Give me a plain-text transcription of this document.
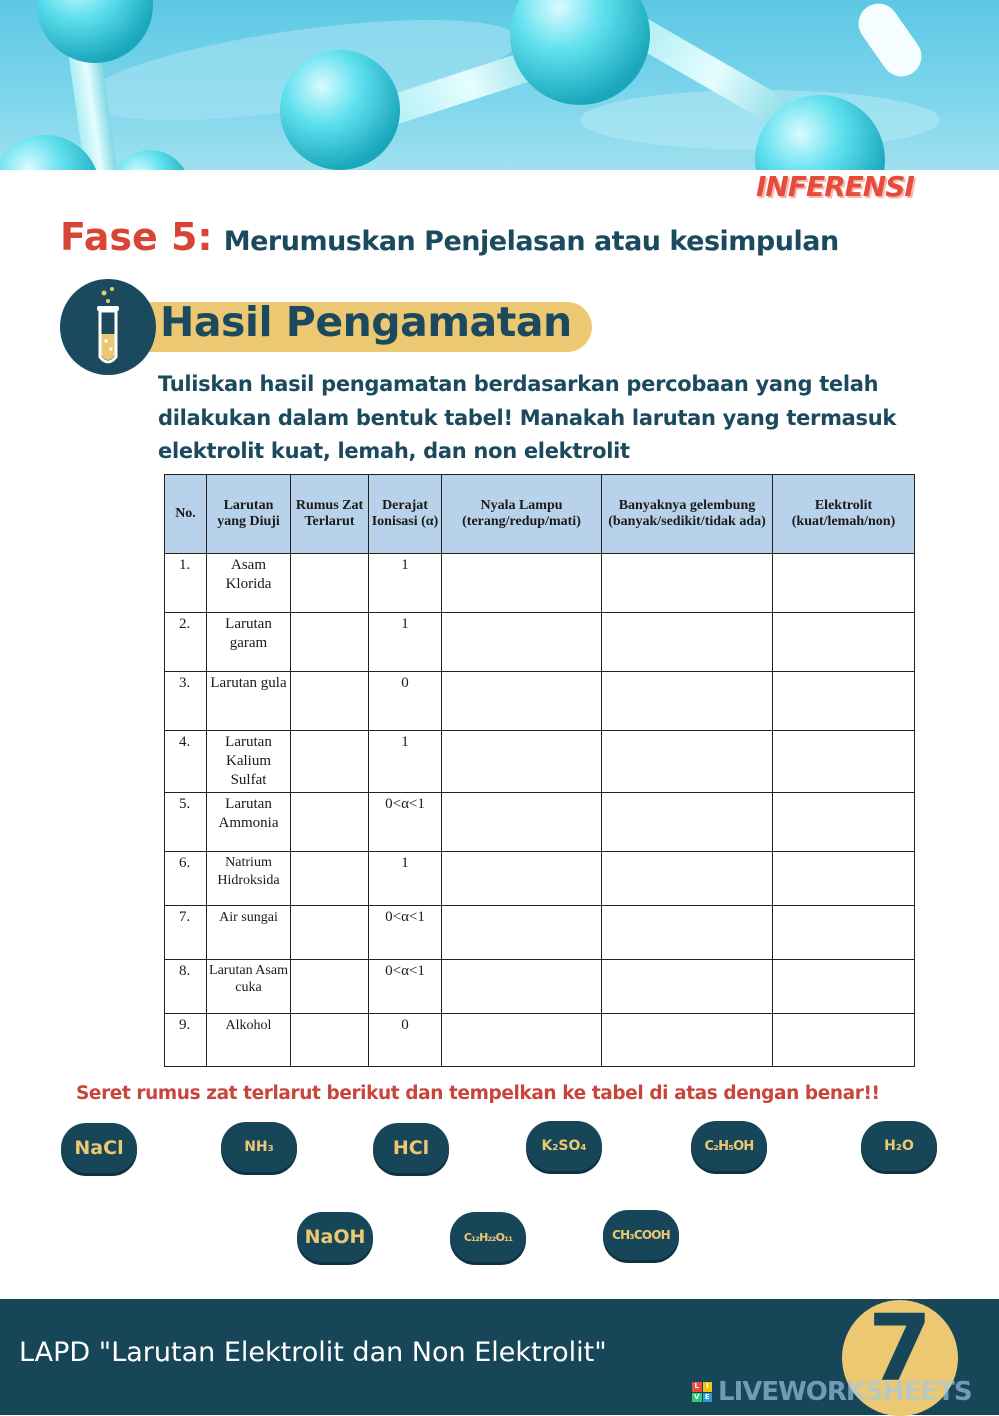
INFERENSI
Fase 5: Merumuskan Penjelasan atau kesimpulan
Hasil Pengamatan
Tuliskan hasil pengamatan berdasarkan percobaan yang telah dilakukan dalam bentuk tabel! Manakah larutan yang termasuk elektrolit kuat, lemah, dan non elektrolit
No.	Larutan yang Diuji	Rumus Zat Terlarut	Derajat Ionisasi (α)	Nyala Lampu (terang/redup/mati)	Banyaknya gelembung (banyak/sedikit/tidak ada)	Elektrolit (kuat/lemah/non)
1.	Asam Klorida		1			
2.	Larutan garam		1			
3.	Larutan gula		0			
4.	Larutan Kalium Sulfat		1			
5.	Larutan Ammonia		0<α<1			
6.	Natrium Hidroksida		1			
7.	Air sungai		0<α<1			
8.	Larutan Asam cuka		0<α<1			
9.	Alkohol		0			
Seret rumus zat terlarut berikut dan tempelkan ke tabel di atas dengan benar!!
NaCl	NH₃	HCl	K₂SO₄	C₂H₅OH	H₂O
NaOH	C₁₂H₂₂O₁₁	CH₃COOH
LAPD "Larutan Elektrolit dan Non Elektrolit"	7
L I
V E LIVEWORKSHEETS
